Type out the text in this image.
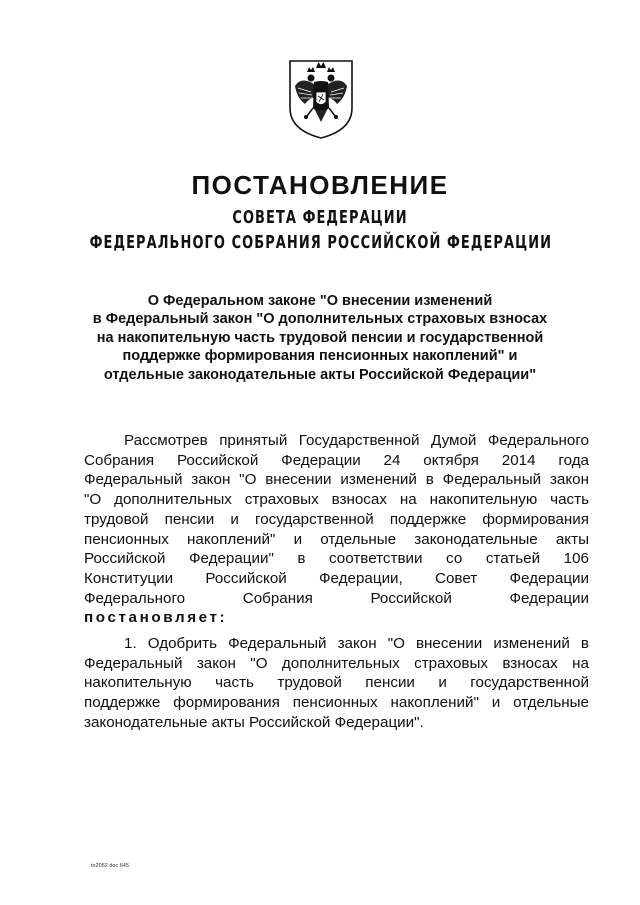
ПОСТАНОВЛЕНИЕ
СОВЕТА ФЕДЕРАЦИИ
ФЕДЕРАЛЬНОГО СОБРАНИЯ РОССИЙСКОЙ ФЕДЕРАЦИИ
О Федеральном законе "О внесении изменений
в Федеральный закон "О дополнительных страховых взносах
на накопительную часть трудовой пенсии и государственной
поддержке формирования пенсионных накоплений" и
отдельные законодательные акты Российской Федерации"
Рассмотрев принятый Государственной Думой Федерального
Собрания Российской Федерации 24 октября 2014 года
Федеральный закон "О внесении изменений в Федеральный закон
"О дополнительных страховых взносах на накопительную часть
трудовой пенсии и государственной поддержке формирования
пенсионных накоплений" и отдельные законодательные акты
Российской Федерации" в соответствии со статьей 106
Конституции Российской Федерации, Совет Федерации
Федерального Собрания Российской Федерации
постановляет:
1. Одобрить Федеральный закон "О внесении изменений в
Федеральный закон "О дополнительных страховых взносах на
накопительную часть трудовой пенсии и государственной
поддержке формирования пенсионных накоплений" и отдельные
законодательные акты Российской Федерации".
to2052 doc 645
